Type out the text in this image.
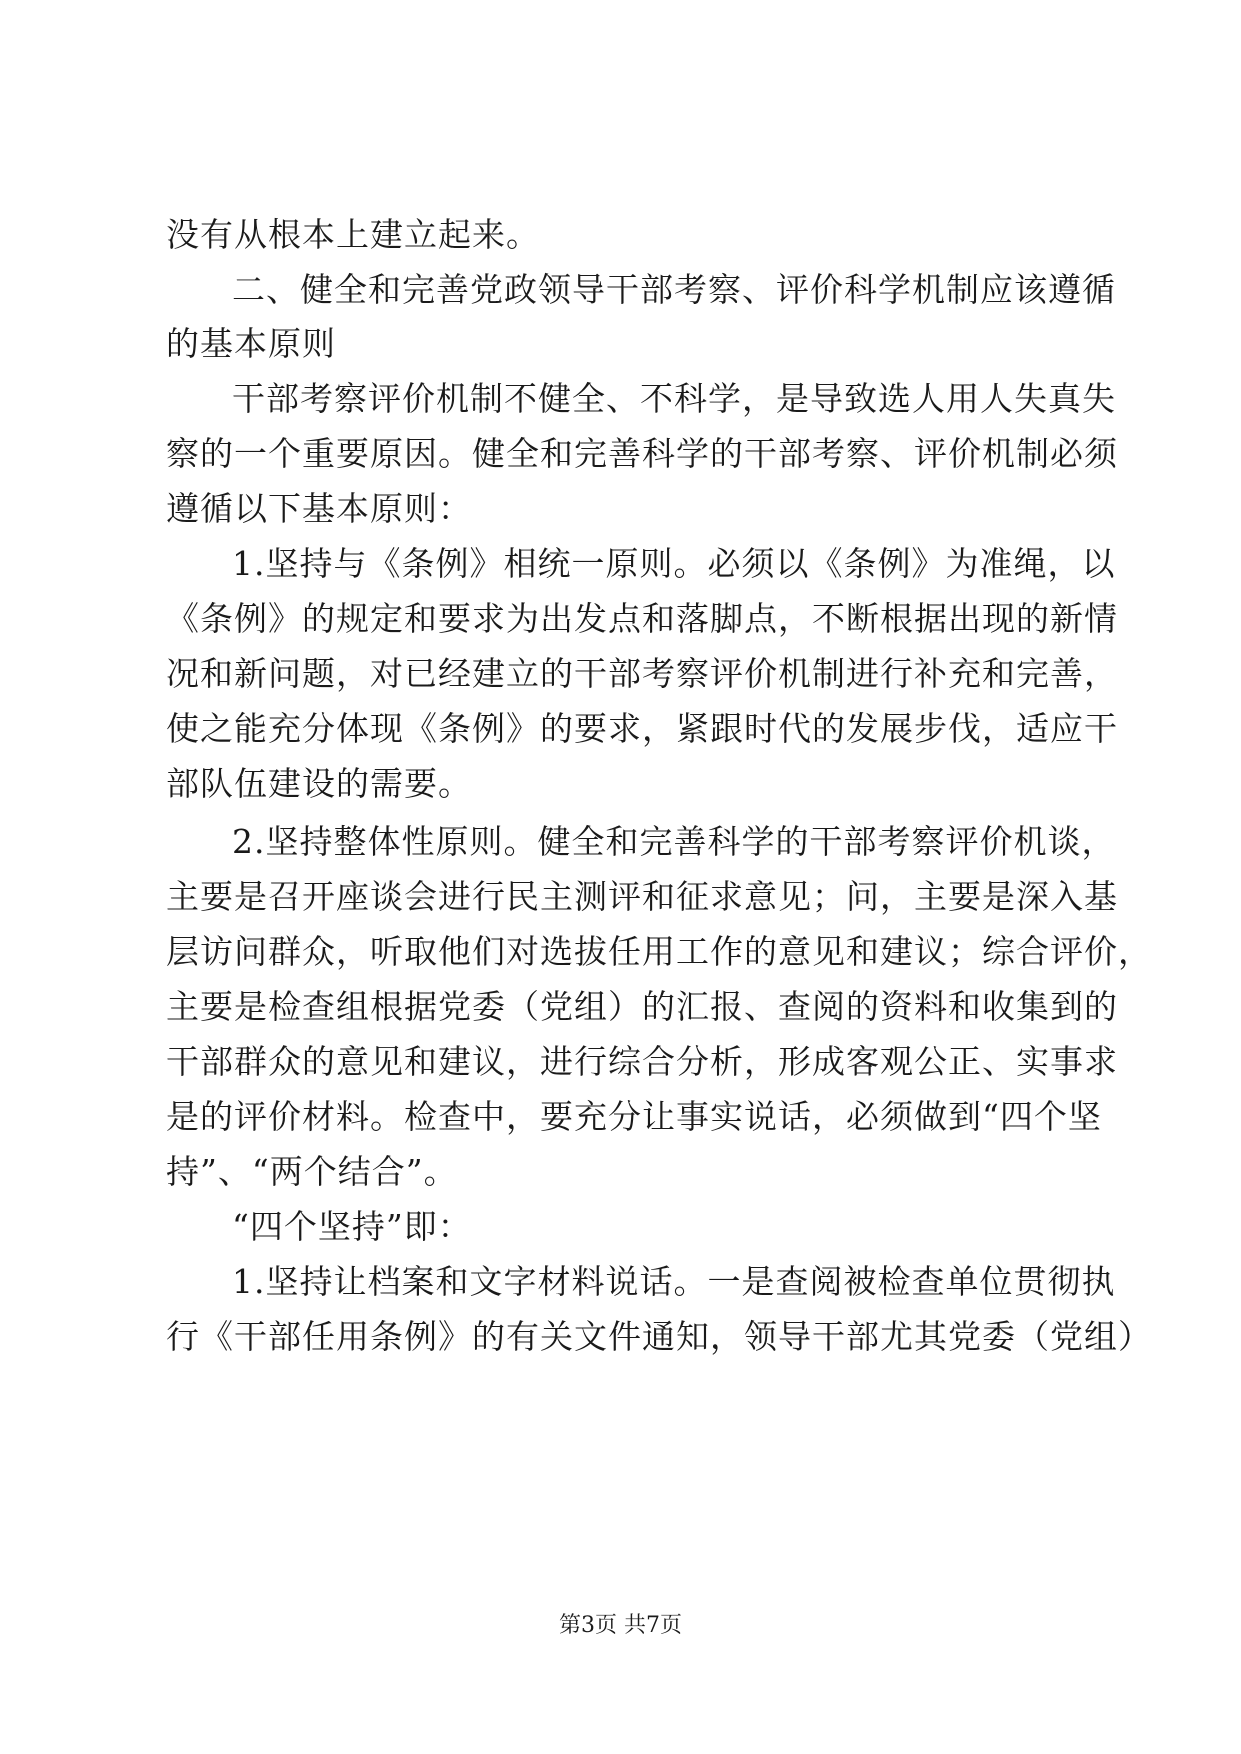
没有从根本上建立起来。
二、健全和完善党政领导干部考察、评价科学机制应该遵循
的基本原则
干部考察评价机制不健全、不科学，是导致选人用人失真失
察的一个重要原因。健全和完善科学的干部考察、评价机制必须
遵循以下基本原则：
1.坚持与《条例》相统一原则。必须以《条例》为准绳，以
《条例》的规定和要求为出发点和落脚点，不断根据出现的新情
况和新问题，对已经建立的干部考察评价机制进行补充和完善，
使之能充分体现《条例》的要求，紧跟时代的发展步伐，适应干
部队伍建设的需要。
2.坚持整体性原则。健全和完善科学的干部考察评价机谈，
主要是召开座谈会进行民主测评和征求意见；问，主要是深入基
层访问群众，听取他们对选拔任用工作的意见和建议；综合评价，
主要是检查组根据党委（党组）的汇报、查阅的资料和收集到的
干部群众的意见和建议，进行综合分析，形成客观公正、实事求
是的评价材料。检查中，要充分让事实说话，必须做到“四个坚
持”、“两个结合”。
“四个坚持”即：
1.坚持让档案和文字材料说话。一是查阅被检查单位贯彻执
行《干部任用条例》的有关文件通知，领导干部尤其党委（党组）
第3页 共7页
